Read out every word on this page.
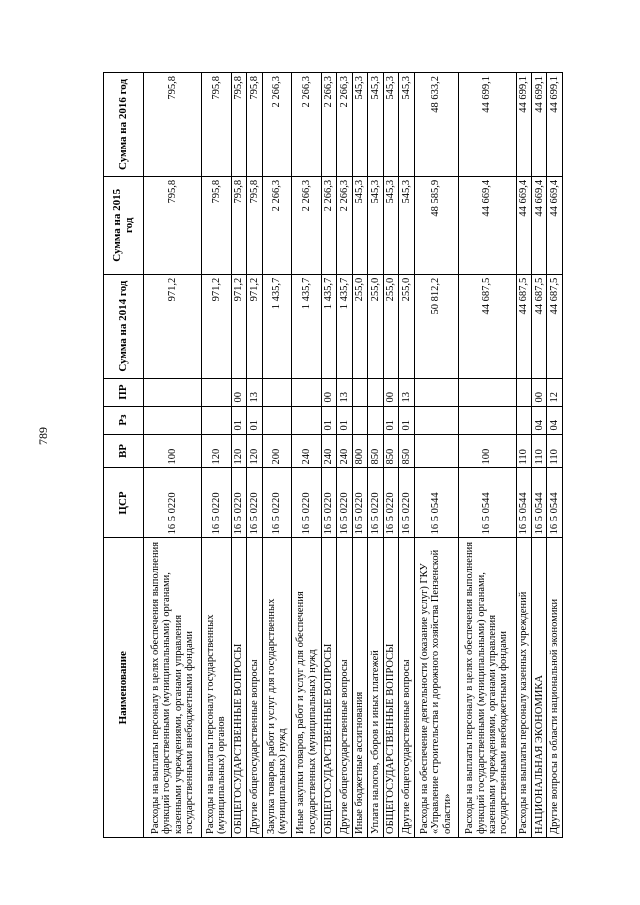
789
Наименование	ЦСР	ВР	Рз	ПР	Сумма на 2014 год	Сумма на 2015 год	Сумма на 2016 год
Расходы на выплаты персоналу в целях обеспечения выполнения функций государственными (муниципальными) органами, казенными учреждениями, органами управления государственными внебюджетными фондами	16 5 0220	100			971,2	795,8	795,8
Расходы на выплаты персоналу государственных (муниципальных) органов	16 5 0220	120			971,2	795,8	795,8
ОБЩЕГОСУДАРСТВЕННЫЕ ВОПРОСЫ	16 5 0220	120	01	00	971,2	795,8	795,8
Другие общегосударственные вопросы	16 5 0220	120	01	13	971,2	795,8	795,8
Закупка товаров, работ и услуг для государственных (муниципальных) нужд	16 5 0220	200			1 435,7	2 266,3	2 266,3
Иные закупки товаров, работ и услуг для обеспечения государственных (муниципальных) нужд	16 5 0220	240			1 435,7	2 266,3	2 266,3
ОБЩЕГОСУДАРСТВЕННЫЕ ВОПРОСЫ	16 5 0220	240	01	00	1 435,7	2 266,3	2 266,3
Другие общегосударственные вопросы	16 5 0220	240	01	13	1 435,7	2 266,3	2 266,3
Иные бюджетные ассигнования	16 5 0220	800			255,0	545,3	545,3
Уплата налогов, сборов и иных платежей	16 5 0220	850			255,0	545,3	545,3
ОБЩЕГОСУДАРСТВЕННЫЕ ВОПРОСЫ	16 5 0220	850	01	00	255,0	545,3	545,3
Другие общегосударственные вопросы	16 5 0220	850	01	13	255,0	545,3	545,3
Расходы на обеспечение деятельности (оказание услуг) ГКУ «Управление строительства и дорожного хозяйства Пензенской области»	16 5 0544				50 812,2	48 585,9	48 633,2
Расходы на выплаты персоналу в целях обеспечения выполнения функций государственными (муниципальными) органами, казенными учреждениями, органами управления государственными внебюджетными фондами	16 5 0544	100			44 687,5	44 669,4	44 699,1
Расходы на выплаты персоналу казенных учреждений	16 5 0544	110			44 687,5	44 669,4	44 699,1
НАЦИОНАЛЬНАЯ ЭКОНОМИКА	16 5 0544	110	04	00	44 687,5	44 669,4	44 699,1
Другие вопросы в области национальной экономики	16 5 0544	110	04	12	44 687,5	44 669,4	44 699,1
